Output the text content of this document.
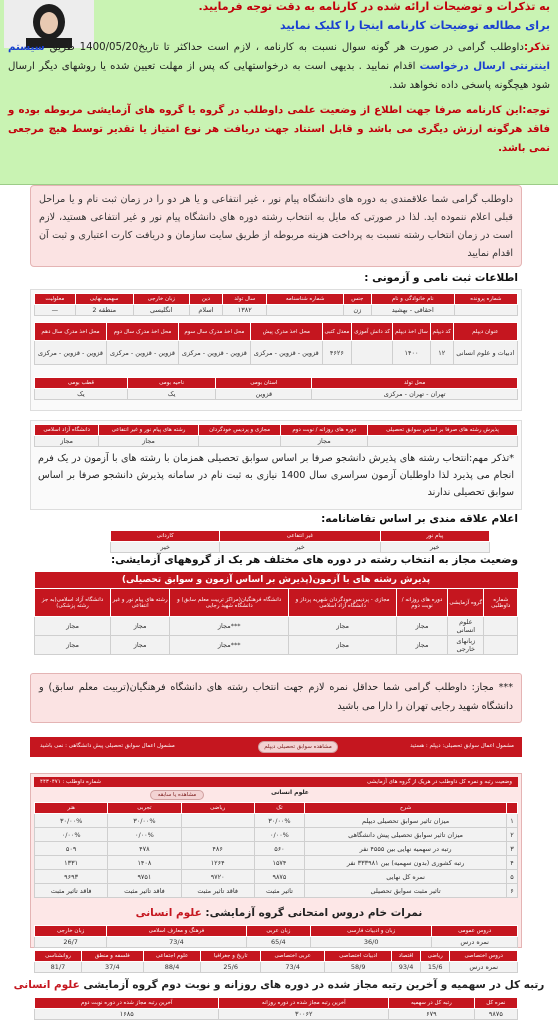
به تذکرات و توضیحات ارائه شده در کارنامه به دقت توجه فرمایید.
برای مطالعه توضیحات کارنامه اینجا را کلیک نمایید
تذکر:داوطلب گرامی در صورت هر گونه سوال نسبت به کارنامه ، لازم است حداکثر تا تاریخ1400/05/20 طریق سیستم اینترنتی ارسال درخواست اقدام نمایید . بدیهی است به درخواستهایی که پس از مهلت تعیین شده یا روشهای دیگر ارسال شود هیچگونه پاسخی داده نخواهد شد.
توجه:این کارنامه صرفا جهت اطلاع از وضعیت علمی داوطلب در گروه یا گروه های آزمایشی مربوطه بوده و فاقد هرگونه ارزش دیگری می باشد و قابل استناد جهت دریافت هر نوع امتیاز یا تقدیر توسط هیچ مرجعی نمی باشد.
داوطلب گرامی شما علاقمندی به دوره های دانشگاه پیام نور ، غیر انتفاعی و یا هر دو را در زمان ثبت نام و یا مراحل قبلی اعلام ننموده اید. لذا در صورتی که مایل به انتخاب رشته دوره های دانشگاه پیام نور و غیر انتفاعی هستید، لازم است در زمان انتخاب رشته نسبت به پرداخت هزینه مربوطه از طریق سایت سازمان و دریافت کارت اعتباری و ثبت آن اقدام نمایید
اطلاعات ثبت نامی و آزمونی :
شماره پرونده	نام خانوادگی و نام	جنس	شماره شناسنامه	سال تولد	دین	زبان خارجی	سهمیه نهایی	معلولیت
	احقاقی - بهشید	زن		۱۳۸۲	اسلام	انگلیسی	منطقه 2	—
عنوان دیپلم	کد دیپلم	سال اخذ دیپلم	کد دانش آموزی	معدل کتبی	محل اخذ مدرک پیش	محل اخذ مدرک سال سوم	محل اخذ مدرک سال دوم	محل اخذ مدرک سال دهم
ادبیات و علوم انسانی	۱۲	۱۴۰۰		۴۶۲۶	قزوین - قزوین - مرکزی	قزوین - قزوین - مرکزی	قزوین - قزوین - مرکزی	قزوین - قزوین - مرکزی
محل تولد	استان بومی	ناحیه بومی	قطب بومی
تهران - تهران - مرکزی	قزوین	یک	یک
پذیرش رشته های صرفا بر اساس سوابق تحصیلی	دوره های روزانه / نوبت دوم	مجازی و پردیس خودگردان	رشته های پیام نور و غیر انتفاعی	دانشگاه آزاد اسلامی
	مجاز		مجاز	مجاز
*تذکر مهم:انتخاب رشته های پذیرش دانشجو صرفا بر اساس سوابق تحصیلی همزمان با رشته های با آزمون در یک فرم انجام می پذیرد لذا داوطلبان آزمون سراسری سال 1400 نیازی به ثبت نام در سامانه پذیرش دانشجو صرفا بر اساس سوابق تحصیلی ندارند
اعلام علاقه مندی بر اساس تقاضانامه:
پیام نور	غیر انتفاعی	کاردانی
خیر	خیر	خیر
وضعیت مجاز به انتخاب رشته در دوره های مختلف هر یک از گروههای آزمایشی:
پذیرش رشته های با آزمون(پذیرش بر اساس آزمون و سوابق تحصیلی)						
شماره داوطلبی	گروه آزمایشی	دوره های روزانه / نوبت دوم	مجازی - پردیس خودگردان شهریه پرداز و دانشگاه آزاد اسلامی	دانشگاه فرهنگیان(مراکز تربیت معلم سابق) و دانشگاه شهید رجایی	رشته های پیام نور و غیر انتفاعی	دانشگاه آزاد اسلامی(به جز رشته پزشکی)
	علوم انسانی	مجاز	مجاز	***مجاز	مجاز	مجاز
	زبانهای خارجی	مجاز	مجاز	***مجاز	مجاز	مجاز
*** مجاز: داوطلب گرامی شما حداقل نمره لازم جهت انتخاب رشته های دانشگاه فرهنگیان(تربیت معلم سابق) و دانشگاه شهید رجایی تهران را دارا می باشید
مشمول اعمال سوابق تحصیلی: دیپلم : هستید
مشمول اعمال سوابق تحصیلی پیش دانشگاهی : نمی باشید	مشاهده سوابق تحصیلی دیپلم
وضعیت رتبه و نمره کل داوطلب در هریک از گروه های آزمایشی
شماره داوطلب : ۴۴۳۰۴۷۱
مشاهده یا سابقه	علوم انسانی
	شرح	تک	ریاضی	تجربی	هنر
۱	میزان تاثیر سوابق تحصیلی دیپلم	۳۰/۰۰%		۳۰/۰۰%	۳۰/۰۰%
۲	میزان تاثیر سوابق تحصیلی پیش دانشگاهی	۰/۰۰%		۰/۰۰%	۰/۰۰%
۳	رتبه در سهمیه نهایی بین ۴۵۵۵ نفر	۵۶۰	۴۸۶	۴۷۸	۵۰۹
۴	رتبه کشوری (بدون سهمیه) بین ۳۳۳۹۸۱ نفر	۱۵۷۴	۱۲۶۴	۱۴۰۸	۱۳۳۱
۵	نمره کل نهایی	۹۸۷۵	۹۷۲۰	۹۷۵۱	۹۶۹۳
۶	تاثیر مثبت سوابق تحصیلی	تاثیر مثبت	فاقد تاثیر مثبت	فاقد تاثیر مثبت	فاقد تاثیر مثبت
نمرات خام دروس امتحانی گروه آزمایشی: علوم انسانی
دروس عمومی	زبان و ادبیات فارسی	زبان عربی	فرهنگ و معارف اسلامی	زبان خارجی
نمره درس	36/0	65/4	73/4	26/7
دروس اختصاصی	ریاضی	اقتصاد	ادبیات اختصاصی	عربی اختصاصی	تاریخ و جغرافیا	علوم اجتماعی	فلسفه و منطق	روانشناسی
نمره درس	15/6	93/4	58/9	73/4	25/6	88/4	37/4	81/7
رتبه کل در سهمیه و آخرین رتبه مجاز شده در دوره های روزانه و نوبت دوم گروه آزمایشی علوم انسانی
نمره کل	رتبه کل در سهمیه	آخرین رتبه مجاز شده در دوره روزانه	آخرین رتبه مجاز شده در دوره نوبت دوم
۹۸۷۵	۶۷۹	۳۰۰۶۲	۱۶۸۵
